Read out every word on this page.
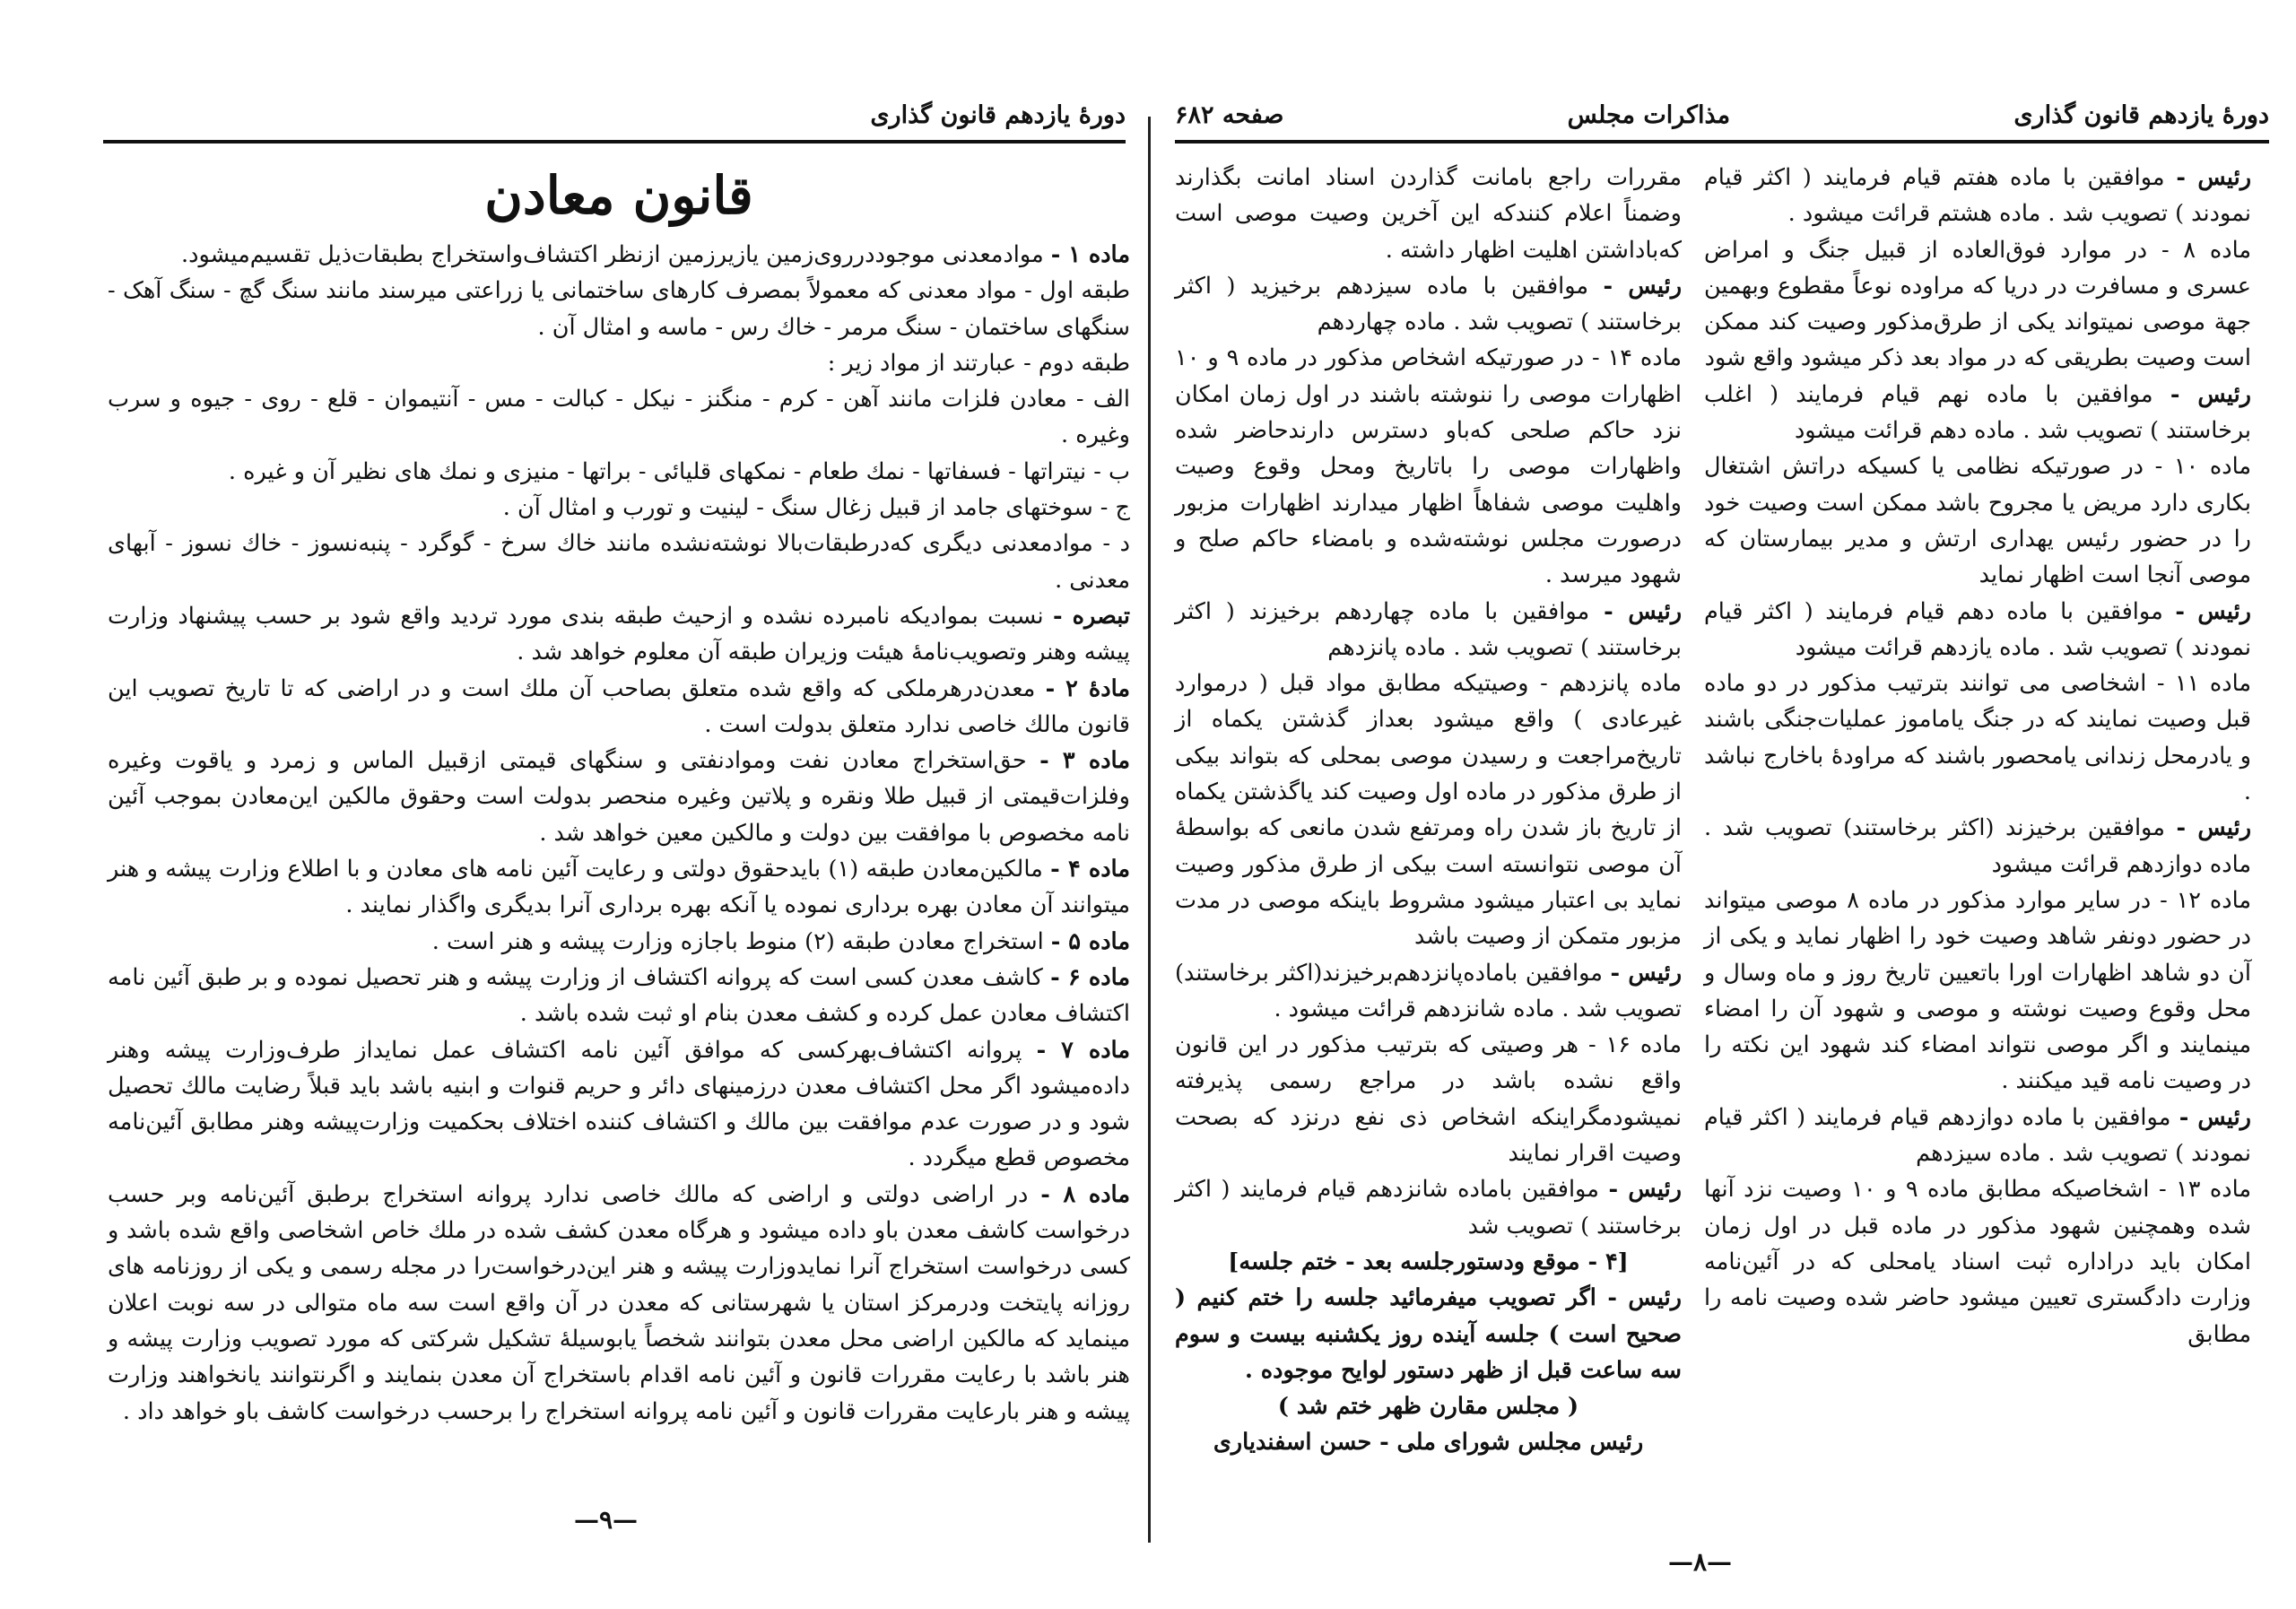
دورهٔ یازدهم قانون گذاری
قانون معادن

ماده ۱ - موادمعدنی موجوددرروی‌زمین یازیرزمین ازنظر اکتشاف‌واستخراج بطبقات‌ذیل تقسیم‌میشود.

طبقه اول - مواد معدنی که معمولاً بمصرف کارهای ساختمانی یا زراعتی میرسند مانند سنگ گچ - سنگ آهک - سنگهای ساختمان - سنگ مرمر - خاك رس - ماسه و امثال آن .

طبقه دوم - عبارتند از مواد زیر :

الف - معادن فلزات مانند آهن - کرم - منگنز - نیکل - کبالت - مس - آنتیموان - قلع - روی - جیوه و سرب وغیره .

ب - نیتراتها - فسفاتها - نمك طعام - نمکهای قلیائی - براتها - منیزی و نمك های نظیر آن و غیره .

ج - سوختهای جامد از قبیل زغال سنگ - لینیت و تورب و امثال آن .

د - موادمعدنی دیگری که‌درطبقات‌بالا نوشته‌نشده مانند خاك سرخ - گوگرد - پنبه‌نسوز - خاك نسوز - آبهای معدنی .

تبصره - نسبت بموادیکه نامبرده نشده و ازحیث طبقه بندی مورد تردید واقع شود بر حسب پیشنهاد وزارت پیشه وهنر وتصویب‌نامهٔ هیئت وزیران طبقه آن معلوم خواهد شد .

مادهٔ ۲ - معدن‌درهرملکی که واقع شده متعلق بصاحب آن ملك است و در اراضی که تا تاریخ تصویب این قانون مالك خاصی ندارد متعلق بدولت است .

ماده ۳ - حق‌استخراج معادن نفت وموادنفتی و سنگهای قیمتی ازقبیل الماس و زمرد و یاقوت وغیره وفلزات‌قیمتی از قبیل طلا ونقره و پلاتین وغیره منحصر بدولت است وحقوق مالکین این‌معادن بموجب آئین نامه مخصوص با موافقت بین دولت و مالکین معین خواهد شد .

ماده ۴ - مالکین‌معادن طبقه (۱) بایدحقوق دولتی و رعایت آئین نامه های معادن و با اطلاع وزارت پیشه و هنر میتوانند آن معادن بهره برداری نموده یا آنکه بهره برداری آنرا بدیگری واگذار نمایند .

ماده ۵ - استخراج معادن طبقه (۲) منوط باجازه وزارت پیشه و هنر است .

ماده ۶ - کاشف معدن کسی است که پروانه اکتشاف از وزارت پیشه و هنر تحصیل نموده و بر طبق آئین نامه اکتشاف معادن عمل کرده و کشف معدن بنام او ثبت شده باشد .

ماده ۷ - پروانه اکتشاف‌بهرکسی که موافق آئین نامه اکتشاف عمل نماید‌از طرف‌وزارت پیشه وهنر داده‌میشود اگر محل اکتشاف معدن درزمینهای دائر و حریم قنوات و ابنیه باشد باید قبلاً رضایت مالك تحصیل شود و در صورت عدم موافقت بین مالك و اکتشاف کننده اختلاف بحکمیت وزارت‌پیشه وهنر مطابق آئین‌نامه مخصوص قطع میگردد .

ماده ۸ - در اراضی دولتی و اراضی که مالك خاصی ندارد پروانه استخراج برطبق آئین‌نامه وبر حسب درخواست کاشف معدن باو داده میشود و هرگاه معدن کشف شده در ملك خاص اشخاصی واقع شده باشد و کسی درخواست استخراج آنرا نماید‌وزارت پیشه و هنر این‌درخواست‌را در مجله رسمی و یکی از روزنامه های روزانه پایتخت ودرمرکز استان یا شهرستانی که معدن در آن واقع است سه ماه متوالی در سه نوبت اعلان مینماید که مالکین اراضی محل معدن بتوانند شخصاً یابوسیلهٔ تشکیل شرکتی که مورد تصویب وزارت پیشه و هنر باشد با رعایت مقررات قانون و آئین نامه اقدام باستخراج آن معدن بنمایند و اگرنتوانند یانخواهند وزارت پیشه و هنر بارعایت مقررات قانون و آئین نامه پروانه استخراج را برحسب درخواست کاشف باو خواهد داد .

—۹—
دورهٔ یازدهم قانون گذاری
مذاکرات مجلس
صفحه ۶۸۲

رئیس - موافقین با ماده هفتم قیام فرمایند ( اکثر قیام نمودند ) تصویب شد . ماده هشتم قرائت میشود .

ماده ۸ - در موارد فوق‌العاده از قبیل جنگ و امراض عسری و مسافرت در دریا که مراوده نوعاً مقطوع وبهمین جهة موصی نمیتواند یکی از طرق‌مذکور وصیت کند ممکن است وصیت بطریقی که در مواد بعد ذکر میشود واقع شود

رئیس - موافقین با ماده نهم قیام فرمایند ( اغلب برخاستند ) تصویب شد . ماده دهم قرائت میشود

ماده ۱۰ - در صورتیکه نظامی یا کسیکه دراتش اشتغال بکاری دارد مریض یا مجروح باشد ممکن است وصیت خود را در حضور رئیس یهداری ارتش و مدیر بیمارستان که موصی آنجا است اظهار نماید

رئیس - موافقین با ماده دهم قیام فرمایند ( اکثر قیام نمودند ) تصویب شد . ماده یازدهم قرائت میشود

ماده ۱۱ - اشخاصی می توانند بترتیب مذکور در دو ماده قبل وصیت نمایند که در جنگ یاماموز عملیات‌جنگی باشند و یادرمحل زندانی یامحصور باشند که مراودهٔ باخارج نباشد .

رئیس - موافقین برخیزند (اکثر برخاستند) تصویب شد . ماده دوازدهم قرائت میشود

ماده ۱۲ - در سایر موارد مذکور در ماده ۸ موصی میتواند در حضور دونفر شاهد وصیت خود را اظهار نماید و یکی از آن دو شاهد اظهارات اورا باتعیین تاریخ روز و ماه وسال و محل وقوع وصیت نوشته و موصی و شهود آن را امضاء مینمایند و اگر موصی نتواند امضاء کند شهود این نکته را در وصیت نامه قید میکنند .

رئیس - موافقین با ماده دوازدهم قیام فرمایند ( اکثر قیام نمودند ) تصویب شد . ماده سیزدهم

ماده ۱۳ - اشخاصیکه مطابق ماده ۹ و ۱۰ وصیت نزد آنها شده وهمچنین شهود مذکور در ماده قبل در اول زمان امکان باید دراداره ثبت اسناد یامحلی که در آئین‌نامه وزارت دادگستری تعیین میشود حاضر شده وصیت نامه را مطابق

مقررات راجع بامانت گذاردن اسناد امانت بگذارند وضمناً اعلام کنندکه این آخرین وصیت موصی است که‌باداشتن اهلیت اظهار داشته .

رئیس - موافقین با ماده سیزدهم برخیزید ( اکثر برخاستند ) تصویب شد . ماده چهاردهم

ماده ۱۴ - در صورتیکه اشخاص مذکور در ماده ۹ و ۱۰ اظهارات موصی را ننوشته باشند در اول زمان امکان نزد حاکم صلحی که‌باو دسترس دارندحاضر شده واظهارات موصی را باتاریخ ومحل وقوع وصیت واهلیت موصی شفاهاً اظهار میدارند اظهارات مزبور درصورت مجلس نوشته‌شده و بامضاء حاکم صلح و شهود میرسد .

رئیس - موافقین با ماده چهاردهم برخیزند ( اکثر برخاستند ) تصویب شد . ماده پانزدهم

ماده پانزدهم - وصیتیکه مطابق مواد قبل ( درموارد غیرعادی ) واقع میشود بعداز گذشتن یکماه از تاریخ‌مراجعت و رسیدن موصی بمحلی که بتواند بیکی از طرق مذکور در ماده اول وصیت کند یاگذشتن یکماه از تاریخ باز شدن راه ومرتفع شدن مانعی که بواسطهٔ آن موصی نتوانسته است بیکی از طرق مذکور وصیت نماید بی اعتبار میشود مشروط باینکه موصی در مدت مزبور متمکن از وصیت باشد

رئیس - موافقین باماده‌پانزدهم‌برخیزند(اکثر برخاستند) تصویب شد . ماده شانزدهم قرائت میشود .

ماده ۱۶ - هر وصیتی که بترتیب مذکور در این قانون واقع نشده باشد در مراجع رسمی پذیرفته نمیشودمگراینکه اشخاص ذی نفع درنزد که بصحت وصیت اقرار نمایند

رئیس - موافقین باماده شانزدهم قیام فرمایند ( اکثر برخاستند ) تصویب شد

[۴ - موقع ودستورجلسه بعد - ختم جلسه]

رئیس - اگر تصویب میفرمائید جلسه را ختم کنیم ( صحیح است ) جلسه آینده روز یکشنبه بیست و سوم سه ساعت قبل از ظهر دستور لوایح موجوده .

( مجلس مقارن ظهر ختم شد )

رئیس مجلس شورای ملی - حسن اسفندیاری

—۸—
